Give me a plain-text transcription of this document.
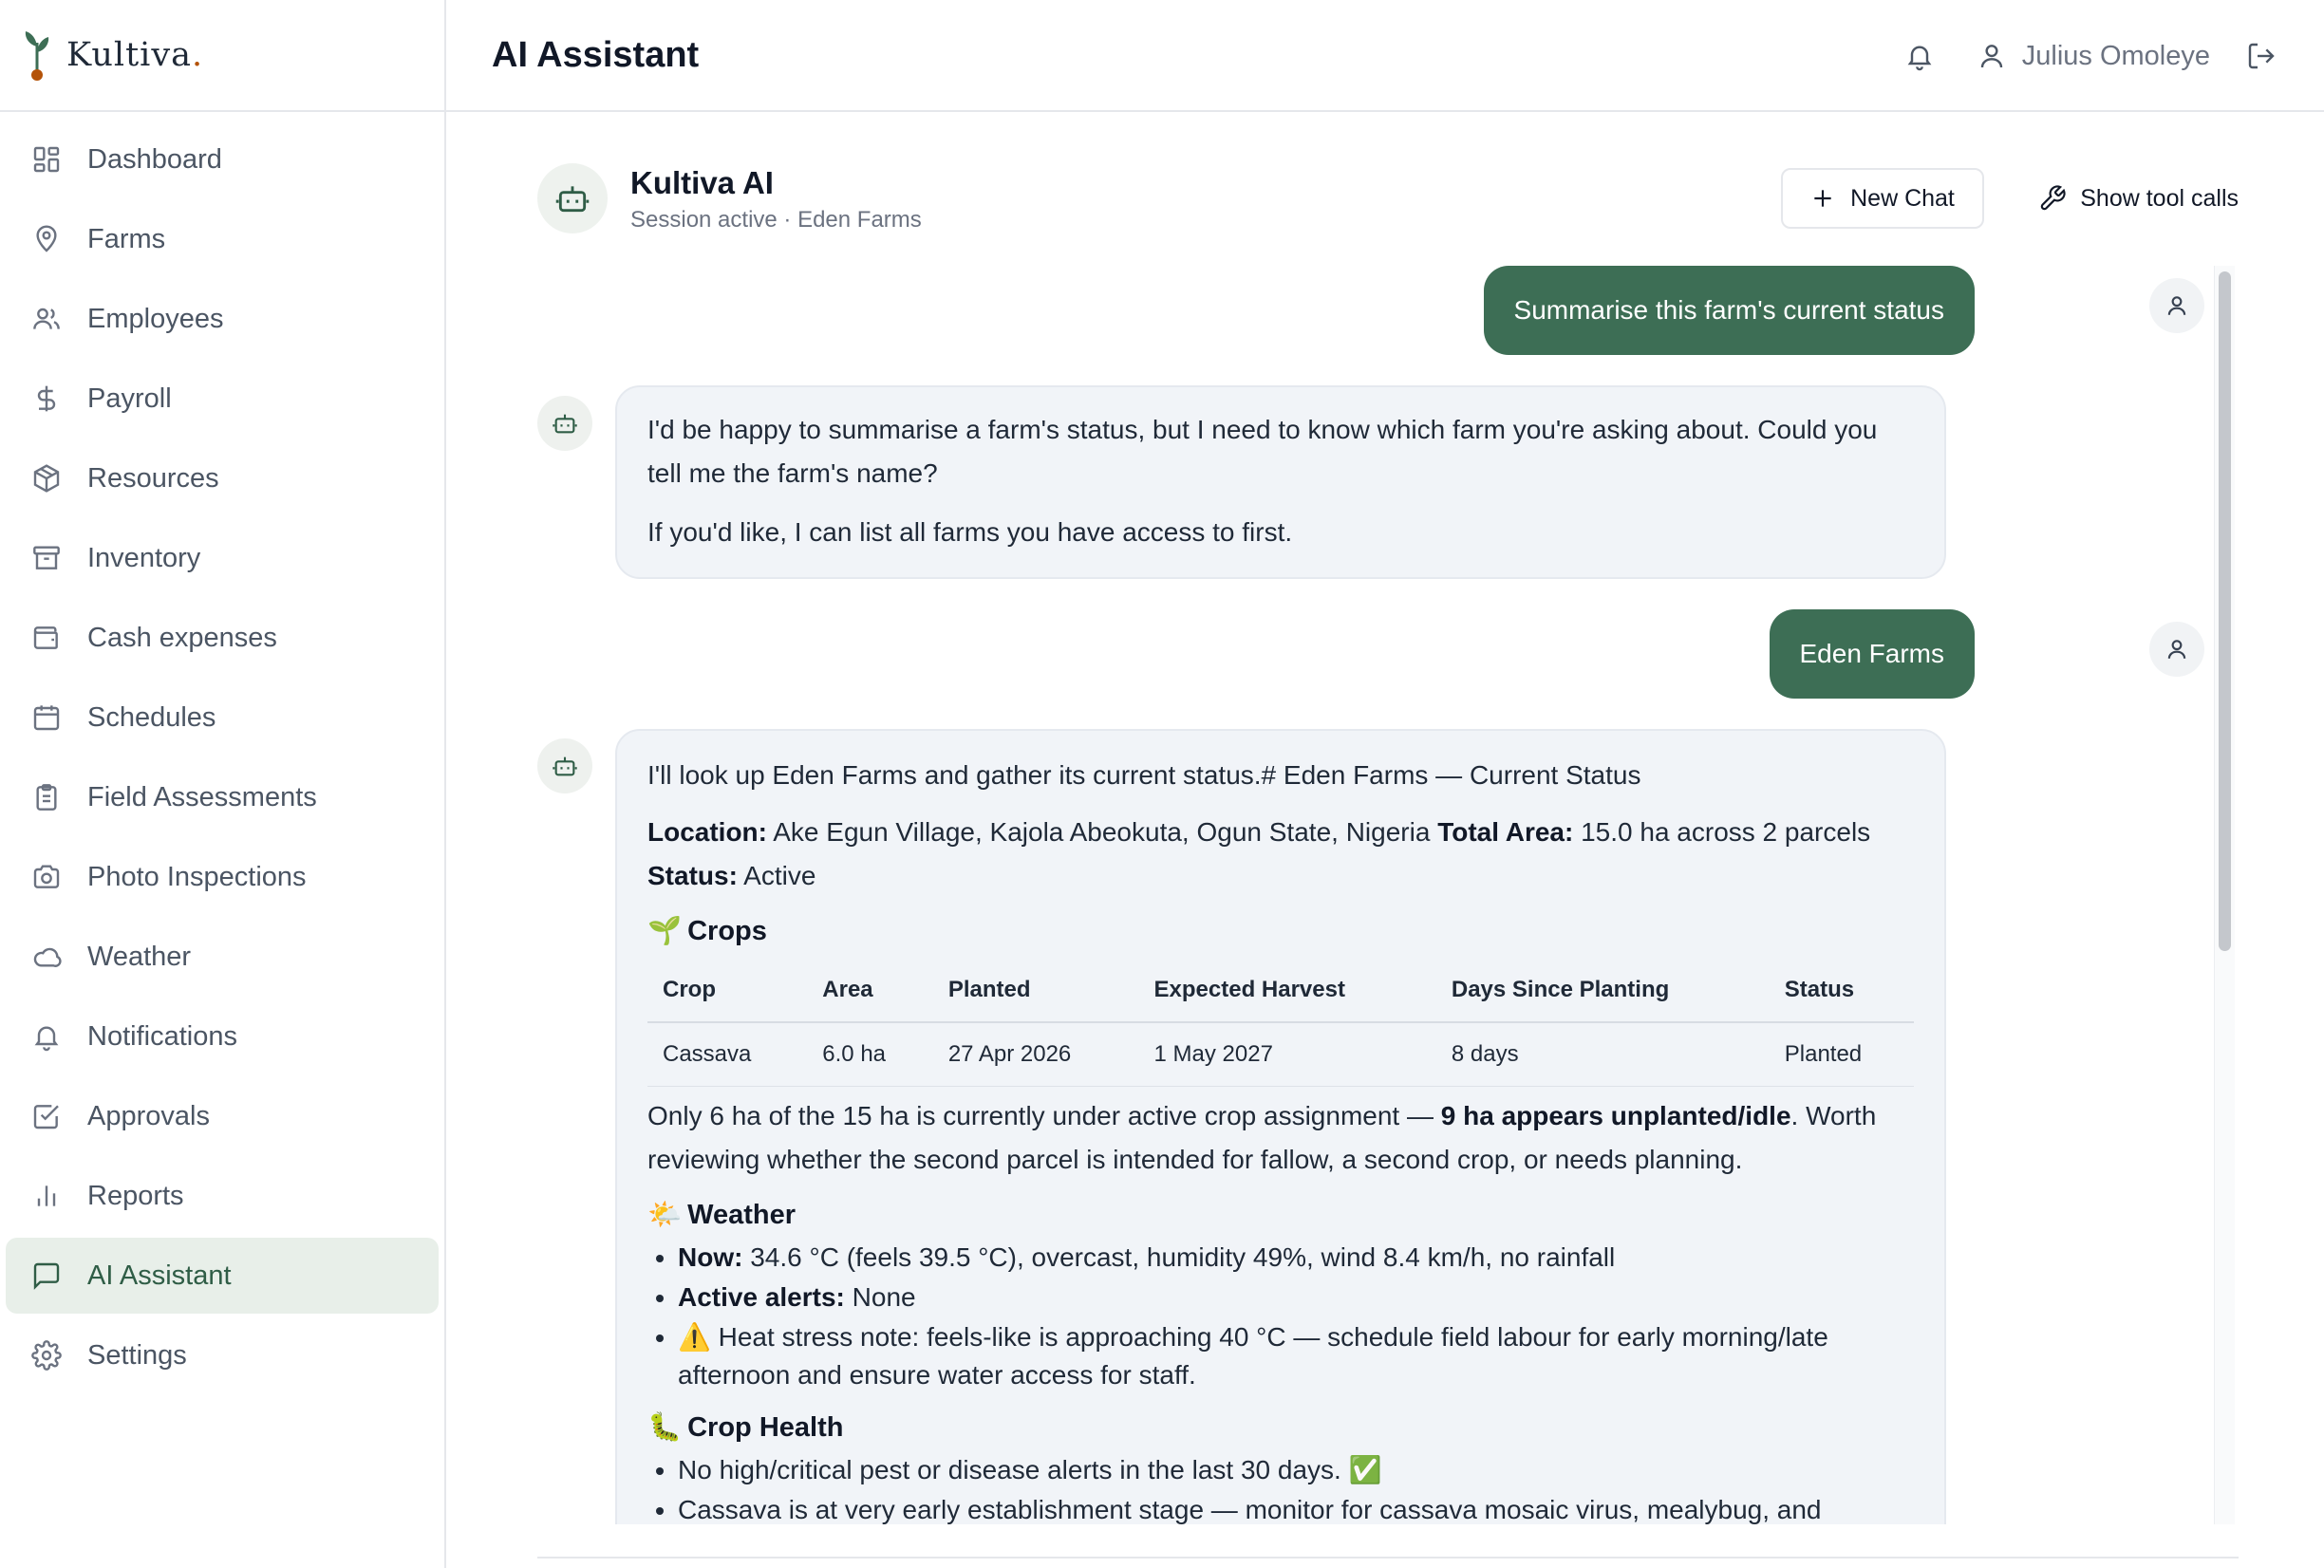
Kultiva.
Dashboard
Farms
Employees
Payroll
Resources
Inventory
Cash expenses
Schedules
Field Assessments
Photo Inspections
Weather
Notifications
Approvals
Reports
AI Assistant
Settings
AI Assistant	Julius Omoleye
Kultiva AI
Session active · Eden Farms
New Chat	Show tool calls
Summarise this farm's current status

I'd be happy to summarise a farm's status, but I need to know which farm you're asking about. Could you tell me the farm's name?

If you'd like, I can list all farms you have access to first.

Eden Farms

I'll look up Eden Farms and gather its current status.# Eden Farms — Current Status

Location: Ake Egun Village, Kajola Abeokuta, Ogun State, Nigeria Total Area: 15.0 ha across 2 parcels
Status: Active

🌱 Crops
Crop	Area	Planted	Expected Harvest	Days Since Planting	Status
Cassava	6.0 ha	27 Apr 2026	1 May 2027	8 days	Planted

Only 6 ha of the 15 ha is currently under active crop assignment — 9 ha appears unplanted/idle. Worth reviewing whether the second parcel is intended for fallow, a second crop, or needs planning.

🌤️ Weather
• Now: 34.6 °C (feels 39.5 °C), overcast, humidity 49%, wind 8.4 km/h, no rainfall
• Active alerts: None
• ⚠️ Heat stress note: feels-like is approaching 40 °C — schedule field labour for early morning/late afternoon and ensure water access for staff.
🐛 Crop Health
• No high/critical pest or disease alerts in the last 30 days. ✅
• Cassava is at very early establishment stage — monitor for cassava mosaic virus, mealybug, and
